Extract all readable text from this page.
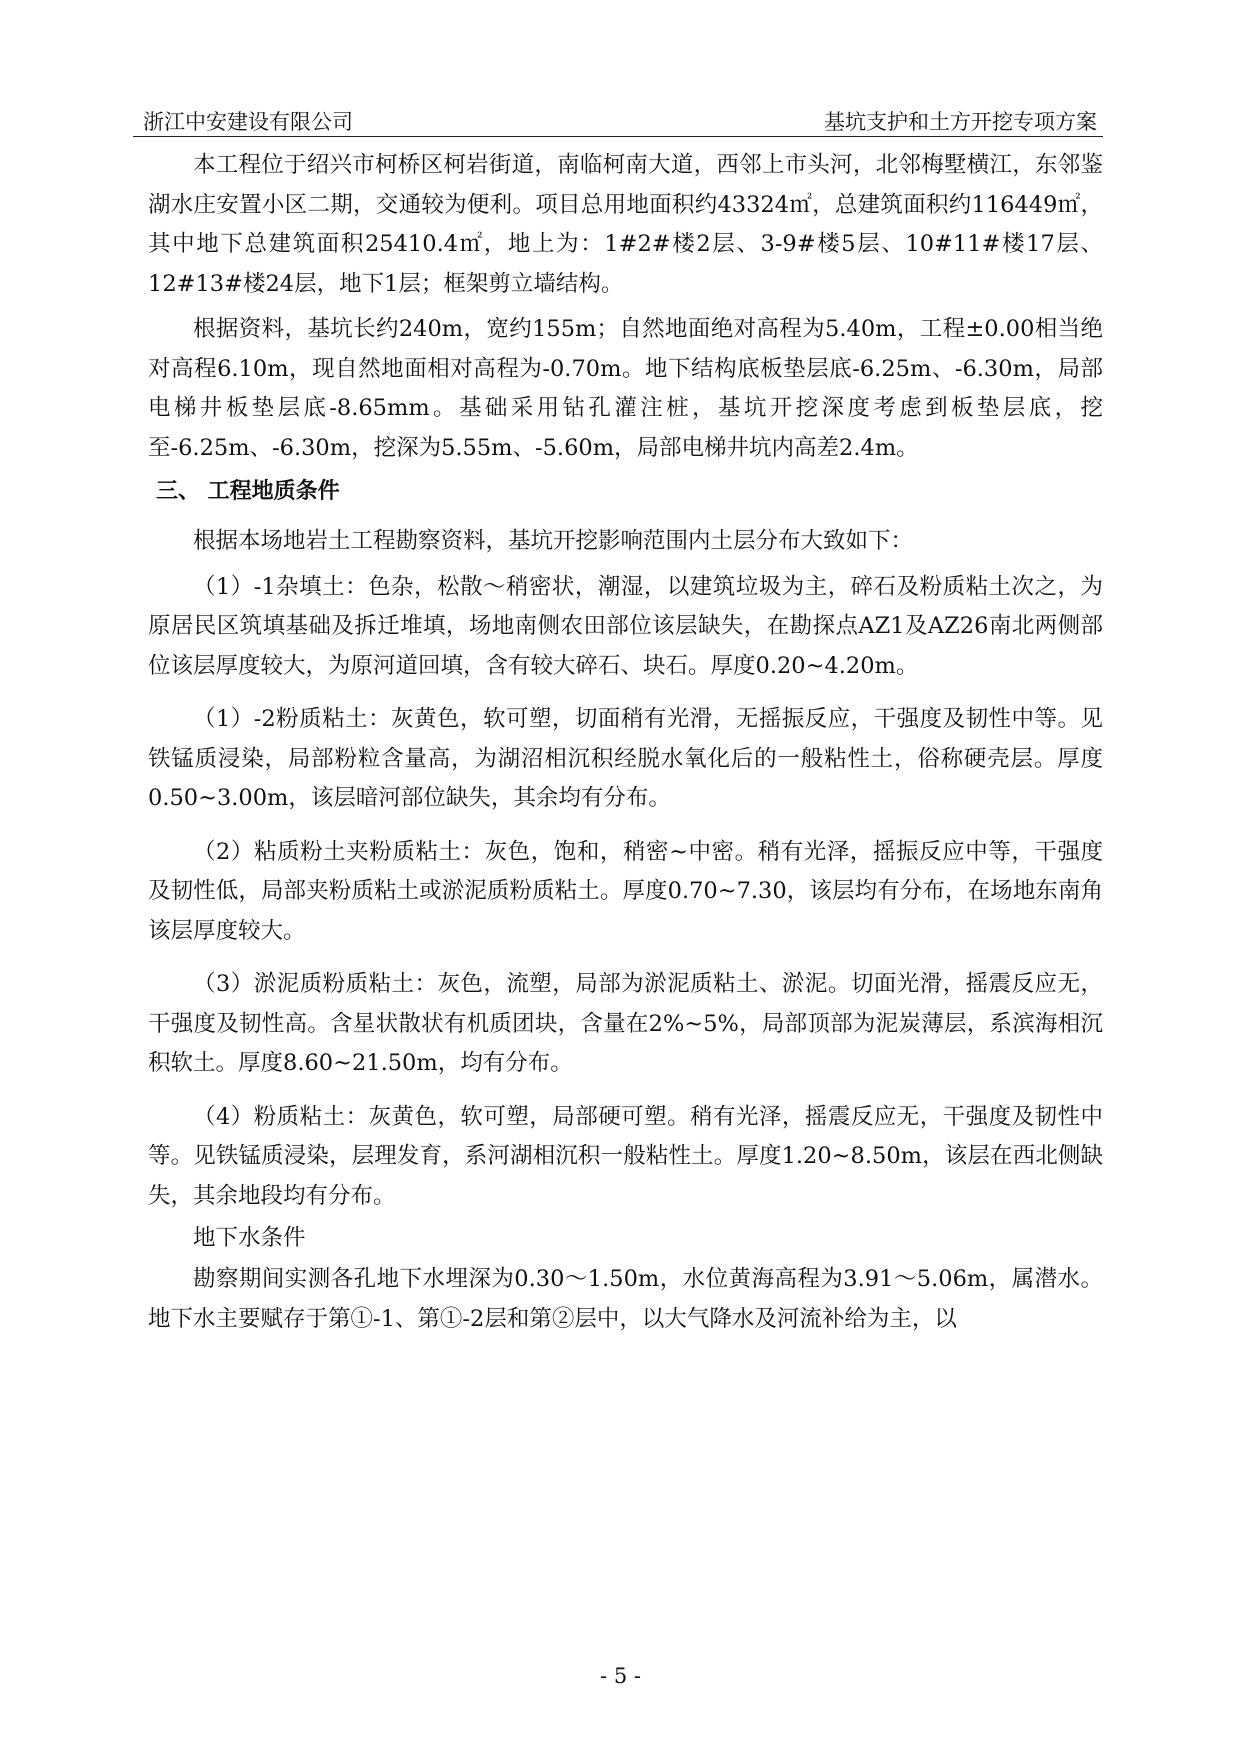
浙江中安建设有限公司	基坑支护和土方开挖专项方案

本工程位于绍兴市柯桥区柯岩街道，南临柯南大道，西邻上市头河，北邻梅墅横江，东邻鉴湖水庄安置小区二期，交通较为便利。项目总用地面积约43324㎡，总建筑面积约116449㎡，其中地下总建筑面积25410.4㎡，地上为：1#2#楼2层、3-9#楼5层、10#11#楼17层、12#13#楼24层，地下1层；框架剪立墙结构。

根据资料，基坑长约240m，宽约155m；自然地面绝对高程为5.40m，工程±0.00相当绝对高程6.10m，现自然地面相对高程为-0.70m。地下结构底板垫层底-6.25m、-6.30m，局部电梯井板垫层底-8.65mm。基础采用钻孔灌注桩，基坑开挖深度考虑到板垫层底，挖至-6.25m、-6.30m，挖深为5.55m、-5.60m，局部电梯井坑内高差2.4m。

三、 工程地质条件

根据本场地岩土工程勘察资料，基坑开挖影响范围内土层分布大致如下：

（1）-1杂填土：色杂，松散～稍密状，潮湿，以建筑垃圾为主，碎石及粉质粘土次之，为原居民区筑填基础及拆迁堆填，场地南侧农田部位该层缺失，在勘探点AZ1及AZ26南北两侧部位该层厚度较大，为原河道回填，含有较大碎石、块石。厚度0.20~4.20m。

（1）-2粉质粘土：灰黄色，软可塑，切面稍有光滑，无摇振反应，干强度及韧性中等。见铁锰质浸染，局部粉粒含量高，为湖沼相沉积经脱水氧化后的一般粘性土，俗称硬壳层。厚度0.50~3.00m，该层暗河部位缺失，其余均有分布。

（2）粘质粉土夹粉质粘土：灰色，饱和，稍密~中密。稍有光泽，摇振反应中等，干强度及韧性低，局部夹粉质粘土或淤泥质粉质粘土。厚度0.70~7.30，该层均有分布，在场地东南角该层厚度较大。

（3）淤泥质粉质粘土：灰色，流塑，局部为淤泥质粘土、淤泥。切面光滑，摇震反应无，干强度及韧性高。含星状散状有机质团块，含量在2%~5%，局部顶部为泥炭薄层，系滨海相沉积软土。厚度8.60~21.50m，均有分布。

（4）粉质粘土：灰黄色，软可塑，局部硬可塑。稍有光泽，摇震反应无，干强度及韧性中等。见铁锰质浸染，层理发育，系河湖相沉积一般粘性土。厚度1.20~8.50m，该层在西北侧缺失，其余地段均有分布。

地下水条件

勘察期间实测各孔地下水埋深为0.30～1.50m，水位黄海高程为3.91～5.06m，属潜水。地下水主要赋存于第①-1、第①-2层和第②层中，以大气降水及河流补给为主，以

- 5 -
